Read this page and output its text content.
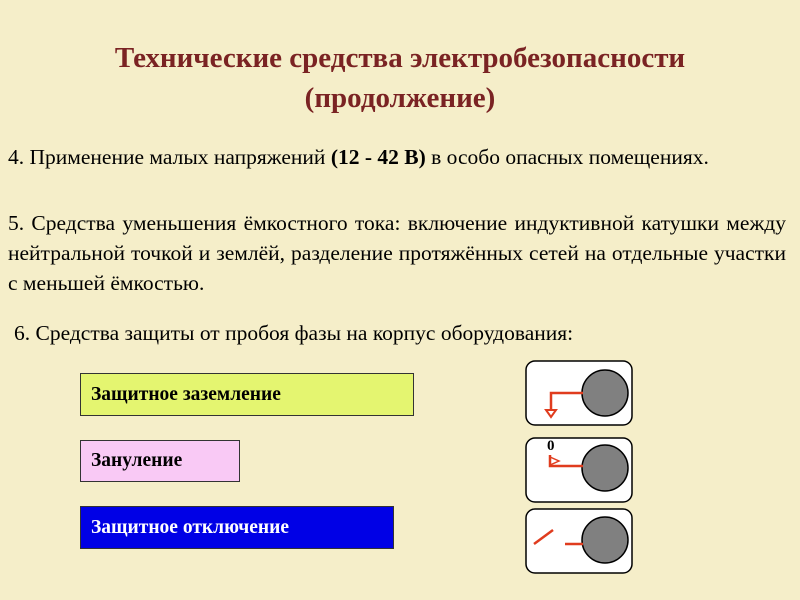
Технические средства электробезопасности
(продолжение)
4. Применение малых напряжений (12 - 42 В) в особо опасных помещениях.
5. Средства уменьшения ёмкостного тока: включение индуктивной катушки между нейтральной точкой и землёй, разделение протяжённых сетей на отдельные участки с меньшей ёмкостью.
6. Средства защиты от пробоя фазы на корпус оборудования:
Защитное заземление
Зануление
Защитное отключение
0
